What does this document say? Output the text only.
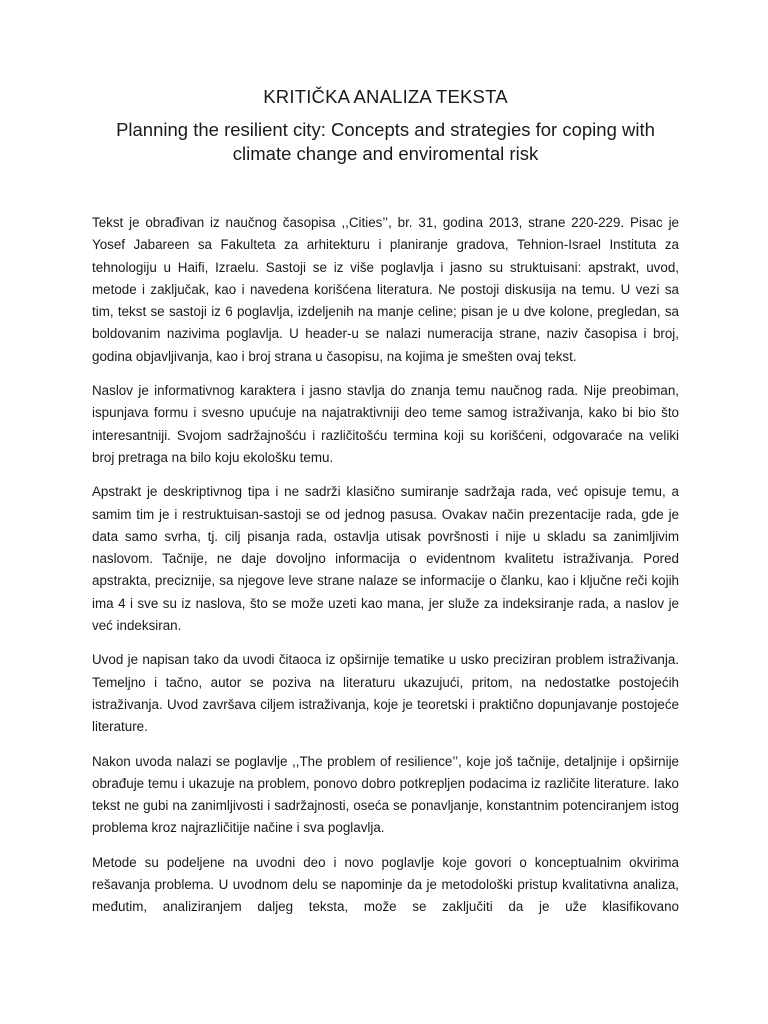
KRITIČKA ANALIZA TEKSTA
Planning the resilient city: Concepts and strategies for coping with climate change and enviromental risk

Tekst je obrađivan iz naučnog časopisa ,,Cities’’, br. 31, godina 2013, strane 220-229. Pisac je Yosef Jabareen sa Fakulteta za arhitekturu i planiranje gradova, Tehnion-Israel Instituta za tehnologiju u Haifi, Izraelu. Sastoji se iz više poglavlja i jasno su struktuisani: apstrakt, uvod, metode i zaključak, kao i navedena korišćena literatura. Ne postoji diskusija na temu. U vezi sa tim, tekst se sastoji iz 6 poglavlja, izdeljenih na manje celine; pisan je u dve kolone, pregledan, sa boldovanim nazivima poglavlja. U header-u se nalazi numeracija strane, naziv časopisa i broj, godina objavljivanja, kao i broj strana u časopisu, na kojima je smešten ovaj tekst.

Naslov je informativnog karaktera i jasno stavlja do znanja temu naučnog rada. Nije preobiman, ispunjava formu i svesno upućuje na najatraktivniji deo teme samog istraživanja, kako bi bio što interesantniji. Svojom sadržajnošću i različitošću termina koji su korišćeni, odgovaraće na veliki broj pretraga na bilo koju ekološku temu.

Apstrakt je deskriptivnog tipa i ne sadrži klasično sumiranje sadržaja rada, već opisuje temu, a samim tim je i restruktuisan-sastoji se od jednog pasusa. Ovakav način prezentacije rada, gde je data samo svrha, tj. cilj pisanja rada, ostavlja utisak površnosti i nije u skladu sa zanimljivim naslovom. Tačnije, ne daje dovoljno informacija o evidentnom kvalitetu istraživanja. Pored apstrakta, preciznije, sa njegove leve strane nalaze se informacije o članku, kao i ključne reči kojih ima 4 i sve su iz naslova, što se može uzeti kao mana, jer služe za indeksiranje rada, a naslov je već indeksiran.

Uvod je napisan tako da uvodi čitaoca iz opširnije tematike u usko preciziran problem istraživanja. Temeljno i tačno, autor se poziva na literaturu ukazujući, pritom, na nedostatke postojećih istraživanja. Uvod završava ciljem istraživanja, koje je teoretski i praktično dopunjavanje postojeće literature.

Nakon uvoda nalazi se poglavlje ,,The problem of resilience’’, koje još tačnije, detaljnije i opširnije obrađuje temu i ukazuje na problem, ponovo dobro potkrepljen podacima iz različite literature. Iako tekst ne gubi na zanimljivosti i sadržajnosti, oseća se ponavljanje, konstantnim potenciranjem istog problema kroz najrazličitije načine i sva poglavlja.

Metode su podeljene na uvodni deo i novo poglavlje koje govori o konceptualnim okvirima rešavanja problema. U uvodnom delu se napominje da je metodološki pristup kvalitativna analiza, međutim, analiziranjem daljeg teksta, može se zaključiti da je uže klasifikovano
